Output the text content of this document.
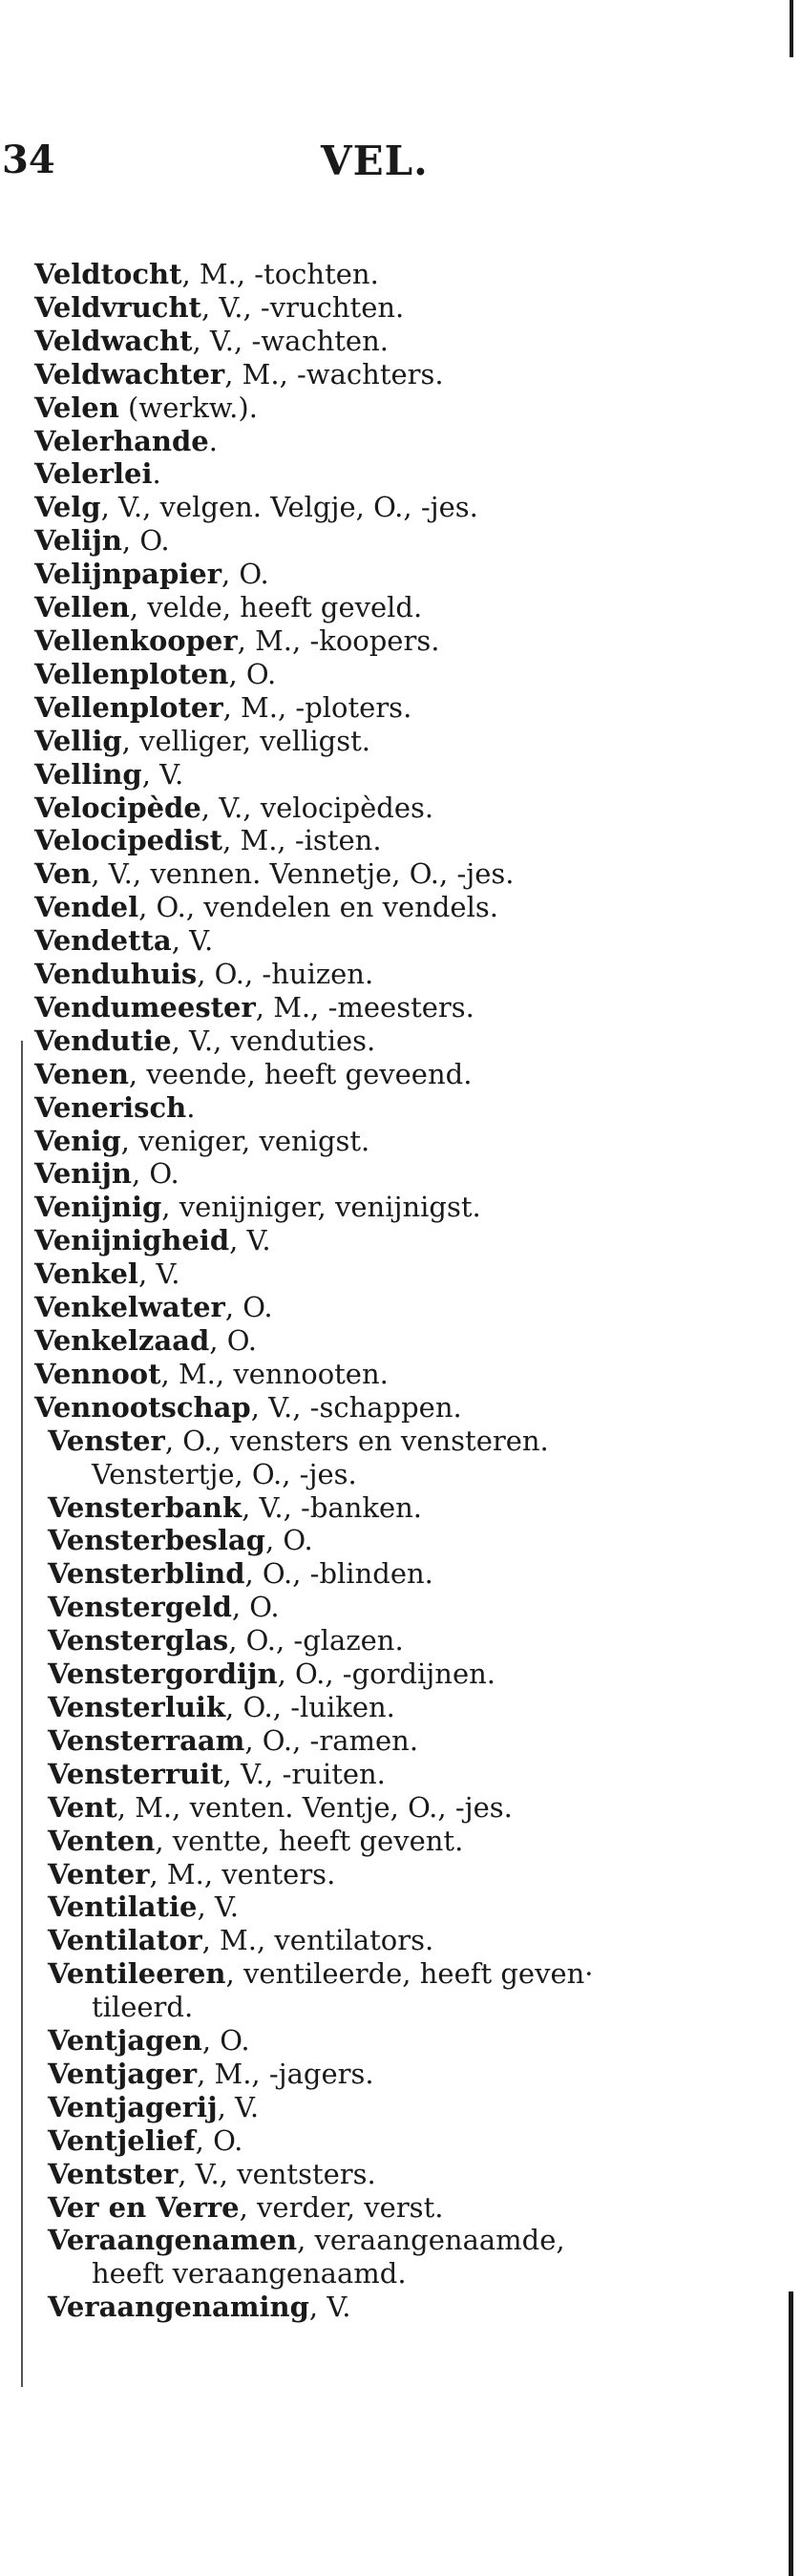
34	VEL.
Veldtocht, M., -tochten.
Veldvrucht, V., -vruchten.
Veldwacht, V., -wachten.
Veldwachter, M., -wachters.
Velen (werkw.).
Velerhande.
Velerlei.
Velg, V., velgen. Velgje, O., -jes.
Velijn, O.
Velijnpapier, O.
Vellen, velde, heeft geveld.
Vellenkooper, M., -koopers.
Vellenploten, O.
Vellenploter, M., -ploters.
Vellig, velliger, velligst.
Velling, V.
Velocipède, V., velocipèdes.
Velocipedist, M., -isten.
Ven, V., vennen. Vennetje, O., -jes.
Vendel, O., vendelen en vendels.
Vendetta, V.
Venduhuis, O., -huizen.
Vendumeester, M., -meesters.
Vendutie, V., venduties.
Venen, veende, heeft geveend.
Venerisch.
Venig, veniger, venigst.
Venijn, O.
Venijnig, venijniger, venijnigst.
Venijnigheid, V.
Venkel, V.
Venkelwater, O.
Venkelzaad, O.
Vennoot, M., vennooten.
Vennootschap, V., -schappen.
Venster, O., vensters en vensteren.
Venstertje, O., -jes.
Vensterbank, V., -banken.
Vensterbeslag, O.
Vensterblind, O., -blinden.
Venstergeld, O.
Vensterglas, O., -glazen.
Venstergordijn, O., -gordijnen.
Vensterluik, O., -luiken.
Vensterraam, O., -ramen.
Vensterruit, V., -ruiten.
Vent, M., venten. Ventje, O., -jes.
Venten, ventte, heeft gevent.
Venter, M., venters.
Ventilatie, V.
Ventilator, M., ventilators.
Ventileeren, ventileerde, heeft geven·
tileerd.
Ventjagen, O.
Ventjager, M., -jagers.
Ventjagerij, V.
Ventjelief, O.
Ventster, V., ventsters.
Ver en Verre, verder, verst.
Veraangenamen, veraangenaamde,
heeft veraangenaamd.
Veraangenaming, V.
